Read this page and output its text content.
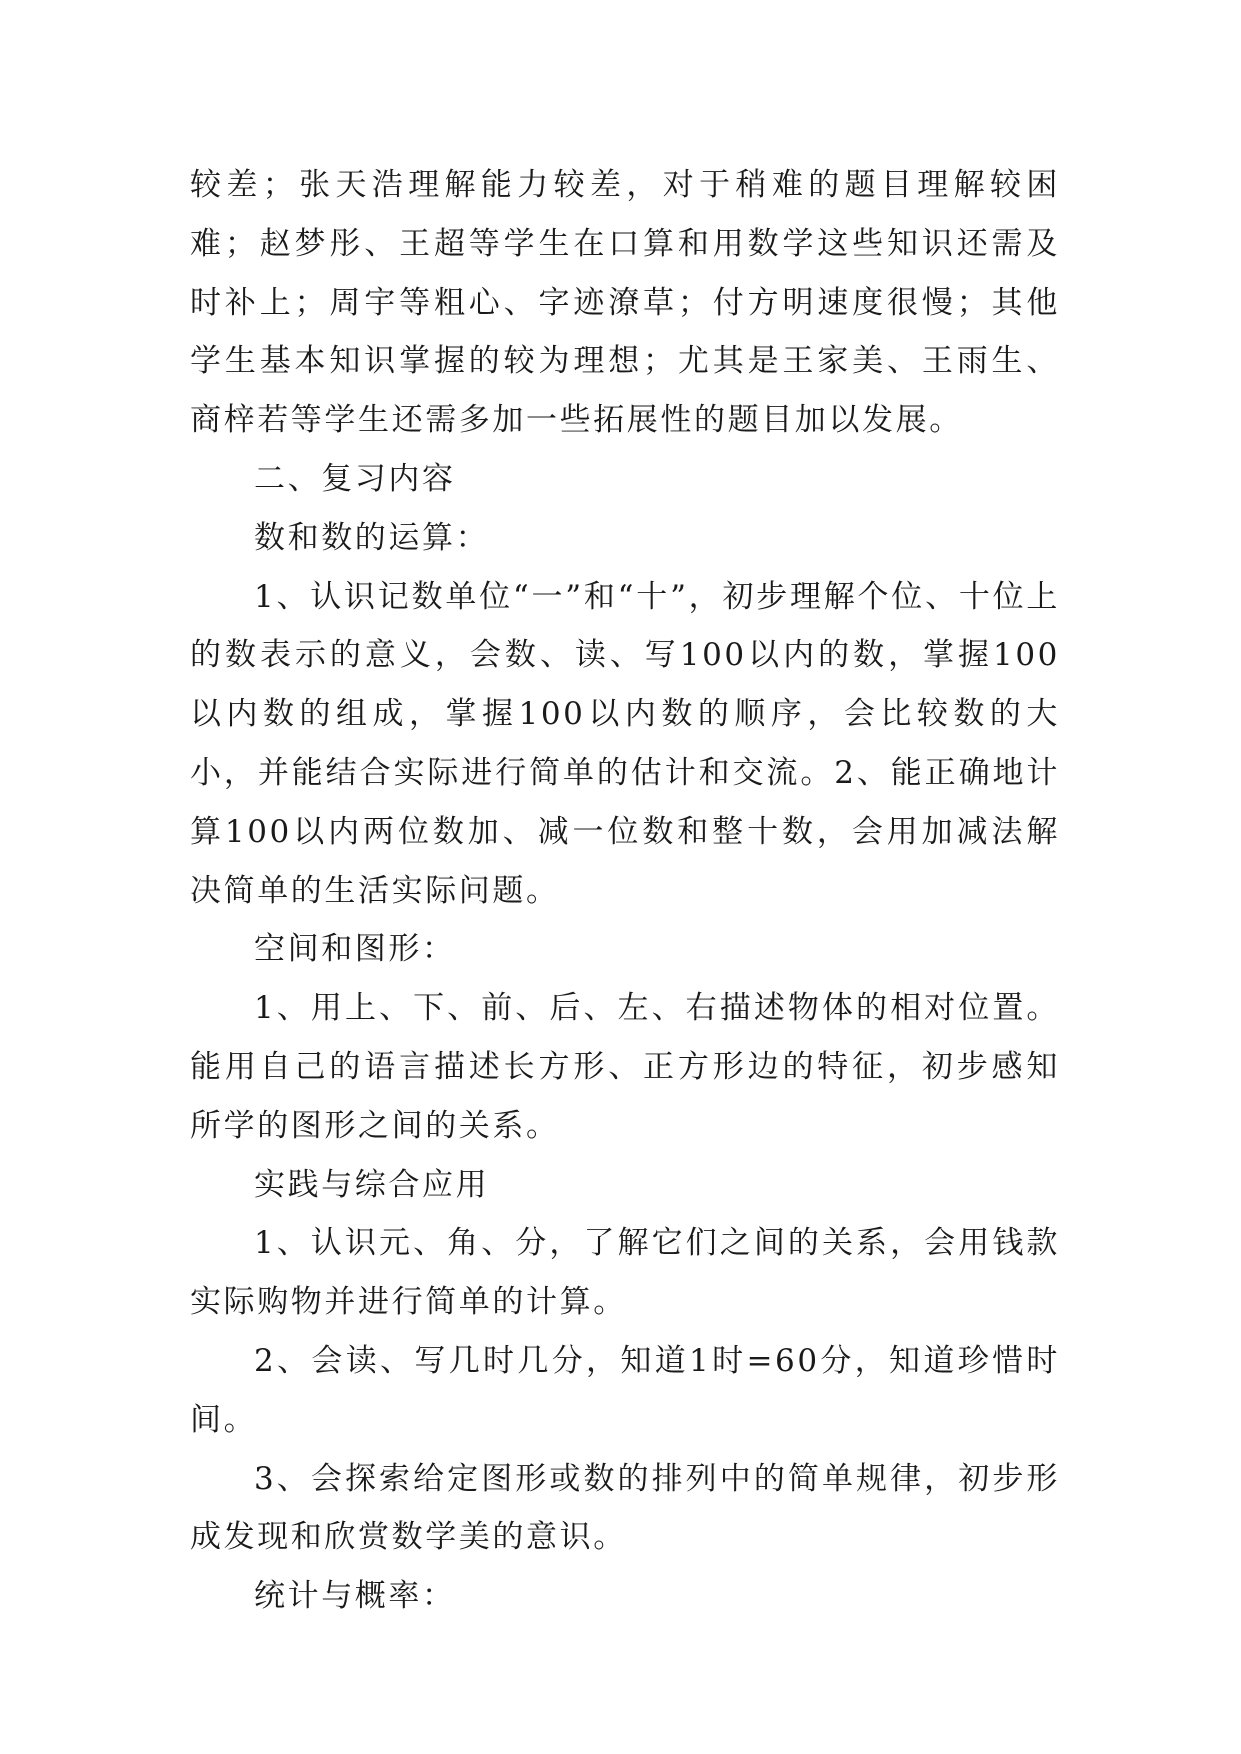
较差；张天浩理解能力较差，对于稍难的题目理解较困难；赵梦彤、王超等学生在口算和用数学这些知识还需及时补上；周宇等粗心、字迹潦草；付方明速度很慢；其他学生基本知识掌握的较为理想；尤其是王家美、王雨生、商梓若等学生还需多加一些拓展性的题目加以发展。

二、复习内容

数和数的运算：

1、认识记数单位“一”和“十”，初步理解个位、十位上的数表示的意义，会数、读、写100以内的数，掌握100以内数的组成，掌握100以内数的顺序，会比较数的大小，并能结合实际进行简单的估计和交流。2、能正确地计算100以内两位数加、减一位数和整十数，会用加减法解决简单的生活实际问题。

空间和图形：

1、用上、下、前、后、左、右描述物体的相对位置。能用自己的语言描述长方形、正方形边的特征，初步感知所学的图形之间的关系。

实践与综合应用

1、认识元、角、分，了解它们之间的关系，会用钱款实际购物并进行简单的计算。

2、会读、写几时几分，知道1时=60分，知道珍惜时间。

3、会探索给定图形或数的排列中的简单规律，初步形成发现和欣赏数学美的意识。

统计与概率：
